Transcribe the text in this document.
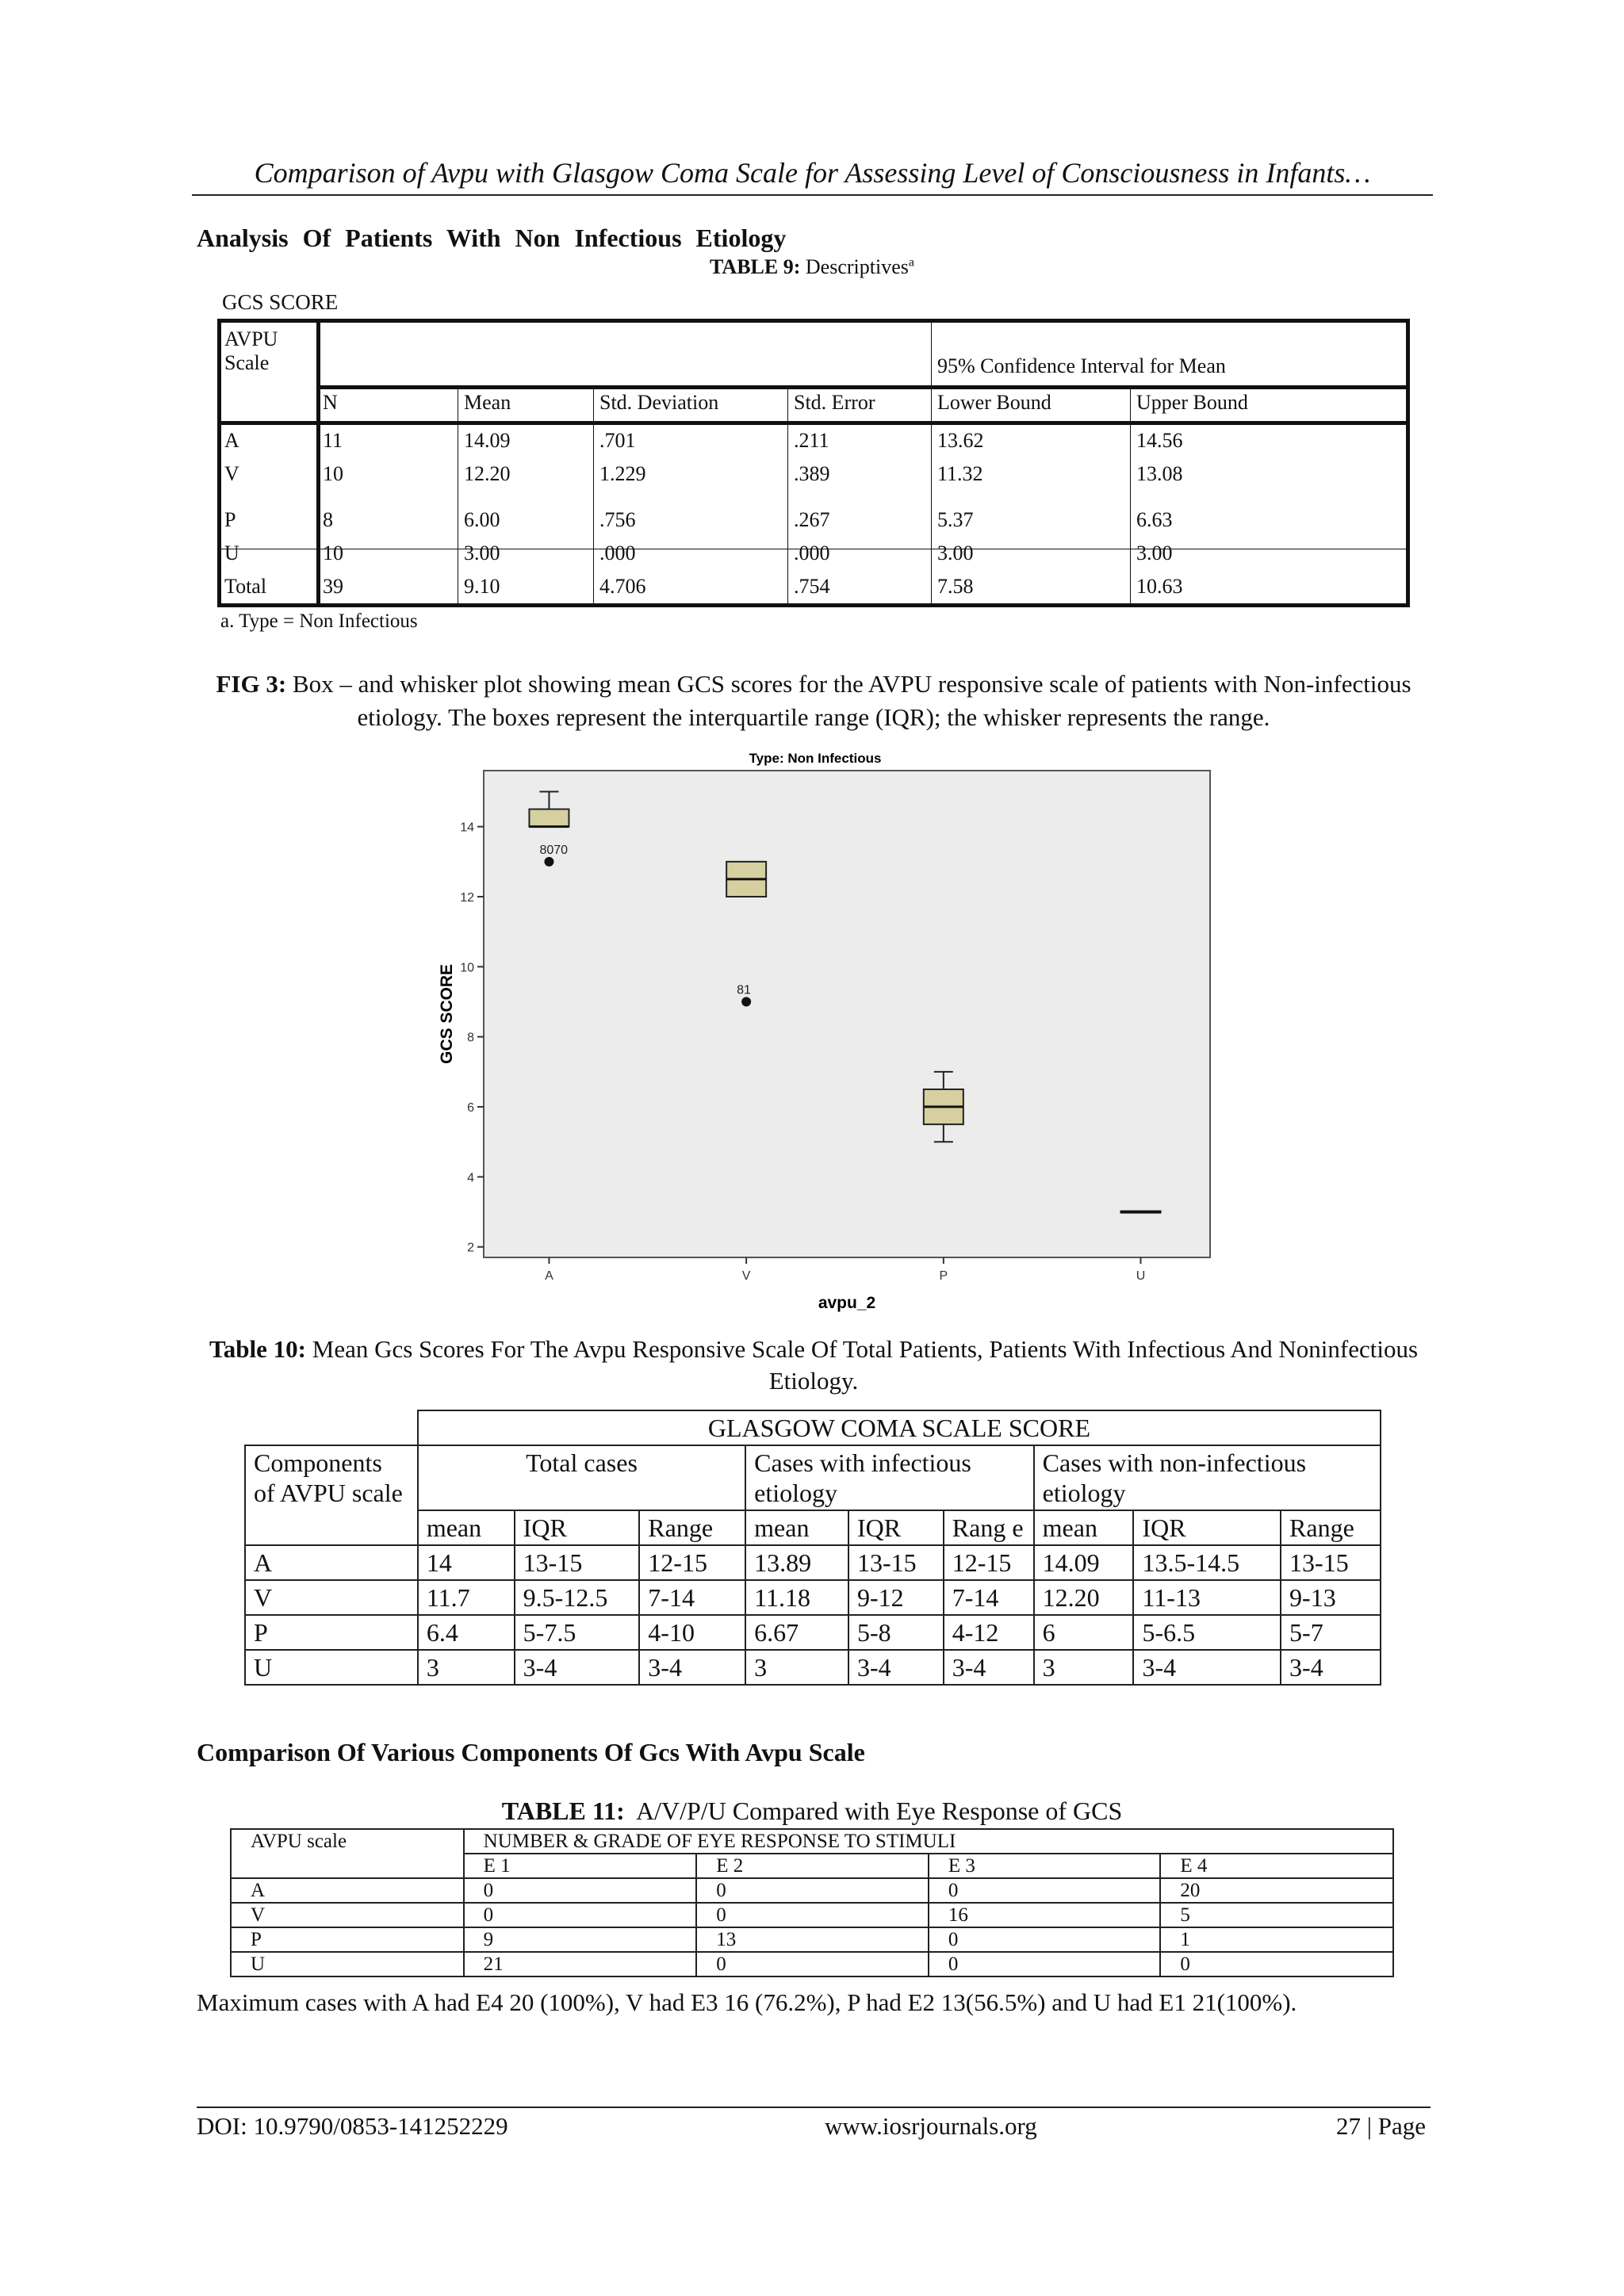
Comparison of Avpu with Glasgow Coma Scale for Assessing Level of Consciousness in Infants…
Analysis Of Patients With Non Infectious Etiology
TABLE 9: Descriptives$^a$
GCS SCORE
AVPU Scale	95% Confidence Interval for Mean
N	Mean	Std. Deviation	Std. Error	Lower Bound	Upper Bound
A	11	14.09	.701	.211	13.62	14.56
V	10	12.20	1.229	.389	11.32	13.08
P	8	6.00	.756	.267	5.37	6.63
U	10	3.00	.000	.000	3.00	3.00
Total	39	9.10	4.706	.754	7.58	10.63
a. Type = Non Infectious
FIG 3: Box – and whisker plot showing mean GCS scores for the AVPU responsive scale of patients with Non-infectious etiology. The boxes represent the interquartile range (IQR); the whisker represents the range.
Type: Non Infectious
2
4
6
8
10
12
14
A	V	P	U
8070
81
avpu_2
GCS SCORE
Table 10: Mean Gcs Scores For The Avpu Responsive Scale Of Total Patients, Patients With Infectious And Noninfectious Etiology.
	GLASGOW COMA SCALE SCORE								
Components of AVPU scale	Total cases			Cases with infectious etiology			Cases with non-infectious etiology		
	mean	IQR	Range	mean	IQR	Rang e	mean	IQR	Range
A	14	13-15	12-15	13.89	13-15	12-15	14.09	13.5-14.5	13-15
V	11.7	9.5-12.5	7-14	11.18	9-12	7-14	12.20	11-13	9-13
P	6.4	5-7.5	4-10	6.67	5-8	4-12	6	5-6.5	5-7
U	3	3-4	3-4	3	3-4	3-4	3	3-4	3-4
Comparison Of Various Components Of Gcs With Avpu Scale
TABLE 11: A/V/P/U Compared with Eye Response of GCS
AVPU scale	NUMBER & GRADE OF EYE RESPONSE TO STIMULI			
	E 1	E 2	E 3	E 4
A	0	0	0	20
V	0	0	16	5
P	9	13	0	1
U	21	0	0	0
Maximum cases with A had E4 20 (100%), V had E3 16 (76.2%), P had E2 13(56.5%) and U had E1 21(100%).
DOI: 10.9790/0853-141252229	www.iosrjournals.org	27 | Page
